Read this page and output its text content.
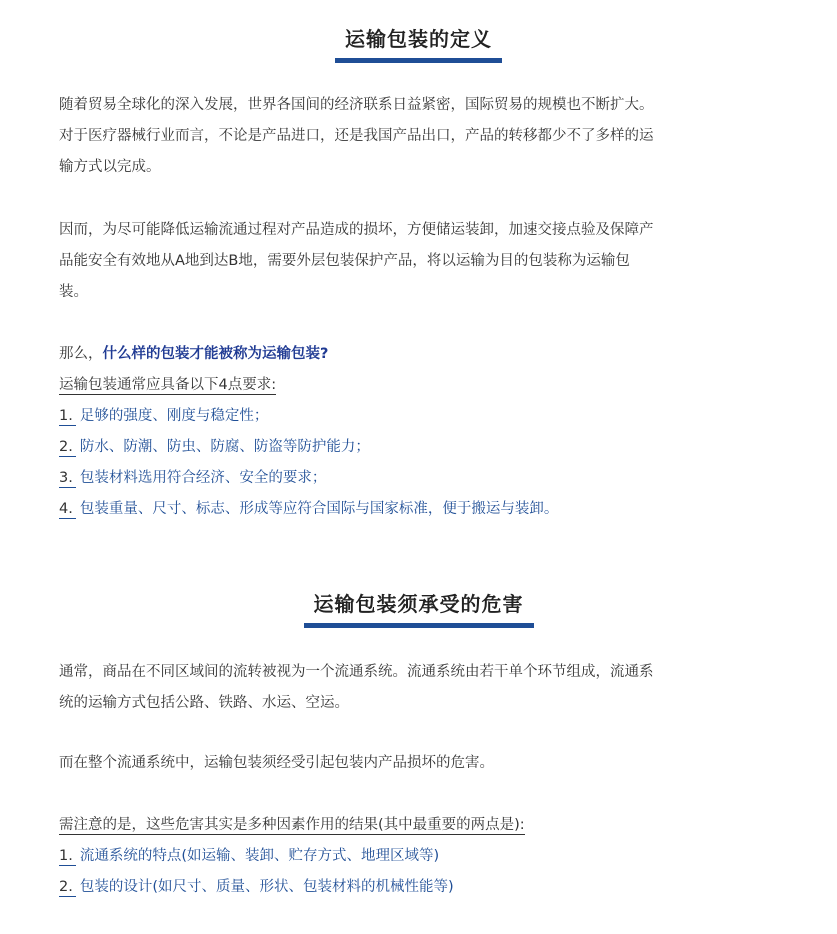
运输包装的定义

随着贸易全球化的深入发展，世界各国间的经济联系日益紧密，国际贸易的规模也不断扩大。
对于医疗器械行业而言，不论是产品进口，还是我国产品出口，产品的转移都少不了多样的运
输方式以完成。

因而，为尽可能降低运输流通过程对产品造成的损坏，方便储运装卸，加速交接点验及保障产
品能安全有效地从A地到达B地，需要外层包装保护产品，将以运输为目的包装称为运输包
装。

那么，什么样的包装才能被称为运输包装?
运输包装通常应具备以下4点要求:

1. 足够的强度、刚度与稳定性；
2. 防水、防潮、防虫、防腐、防盗等防护能力；
3. 包装材料选用符合经济、安全的要求；
4. 包装重量、尺寸、标志、形成等应符合国际与国家标准，便于搬运与装卸。
运输包装须承受的危害

通常，商品在不同区域间的流转被视为一个流通系统。流通系统由若干单个环节组成，流通系
统的运输方式包括公路、铁路、水运、空运。

而在整个流通系统中，运输包装须经受引起包装内产品损坏的危害。

需注意的是，这些危害其实是多种因素作用的结果(其中最重要的两点是):

1. 流通系统的特点(如运输、装卸、贮存方式、地理区域等)
2. 包装的设计(如尺寸、质量、形状、包装材料的机械性能等)
